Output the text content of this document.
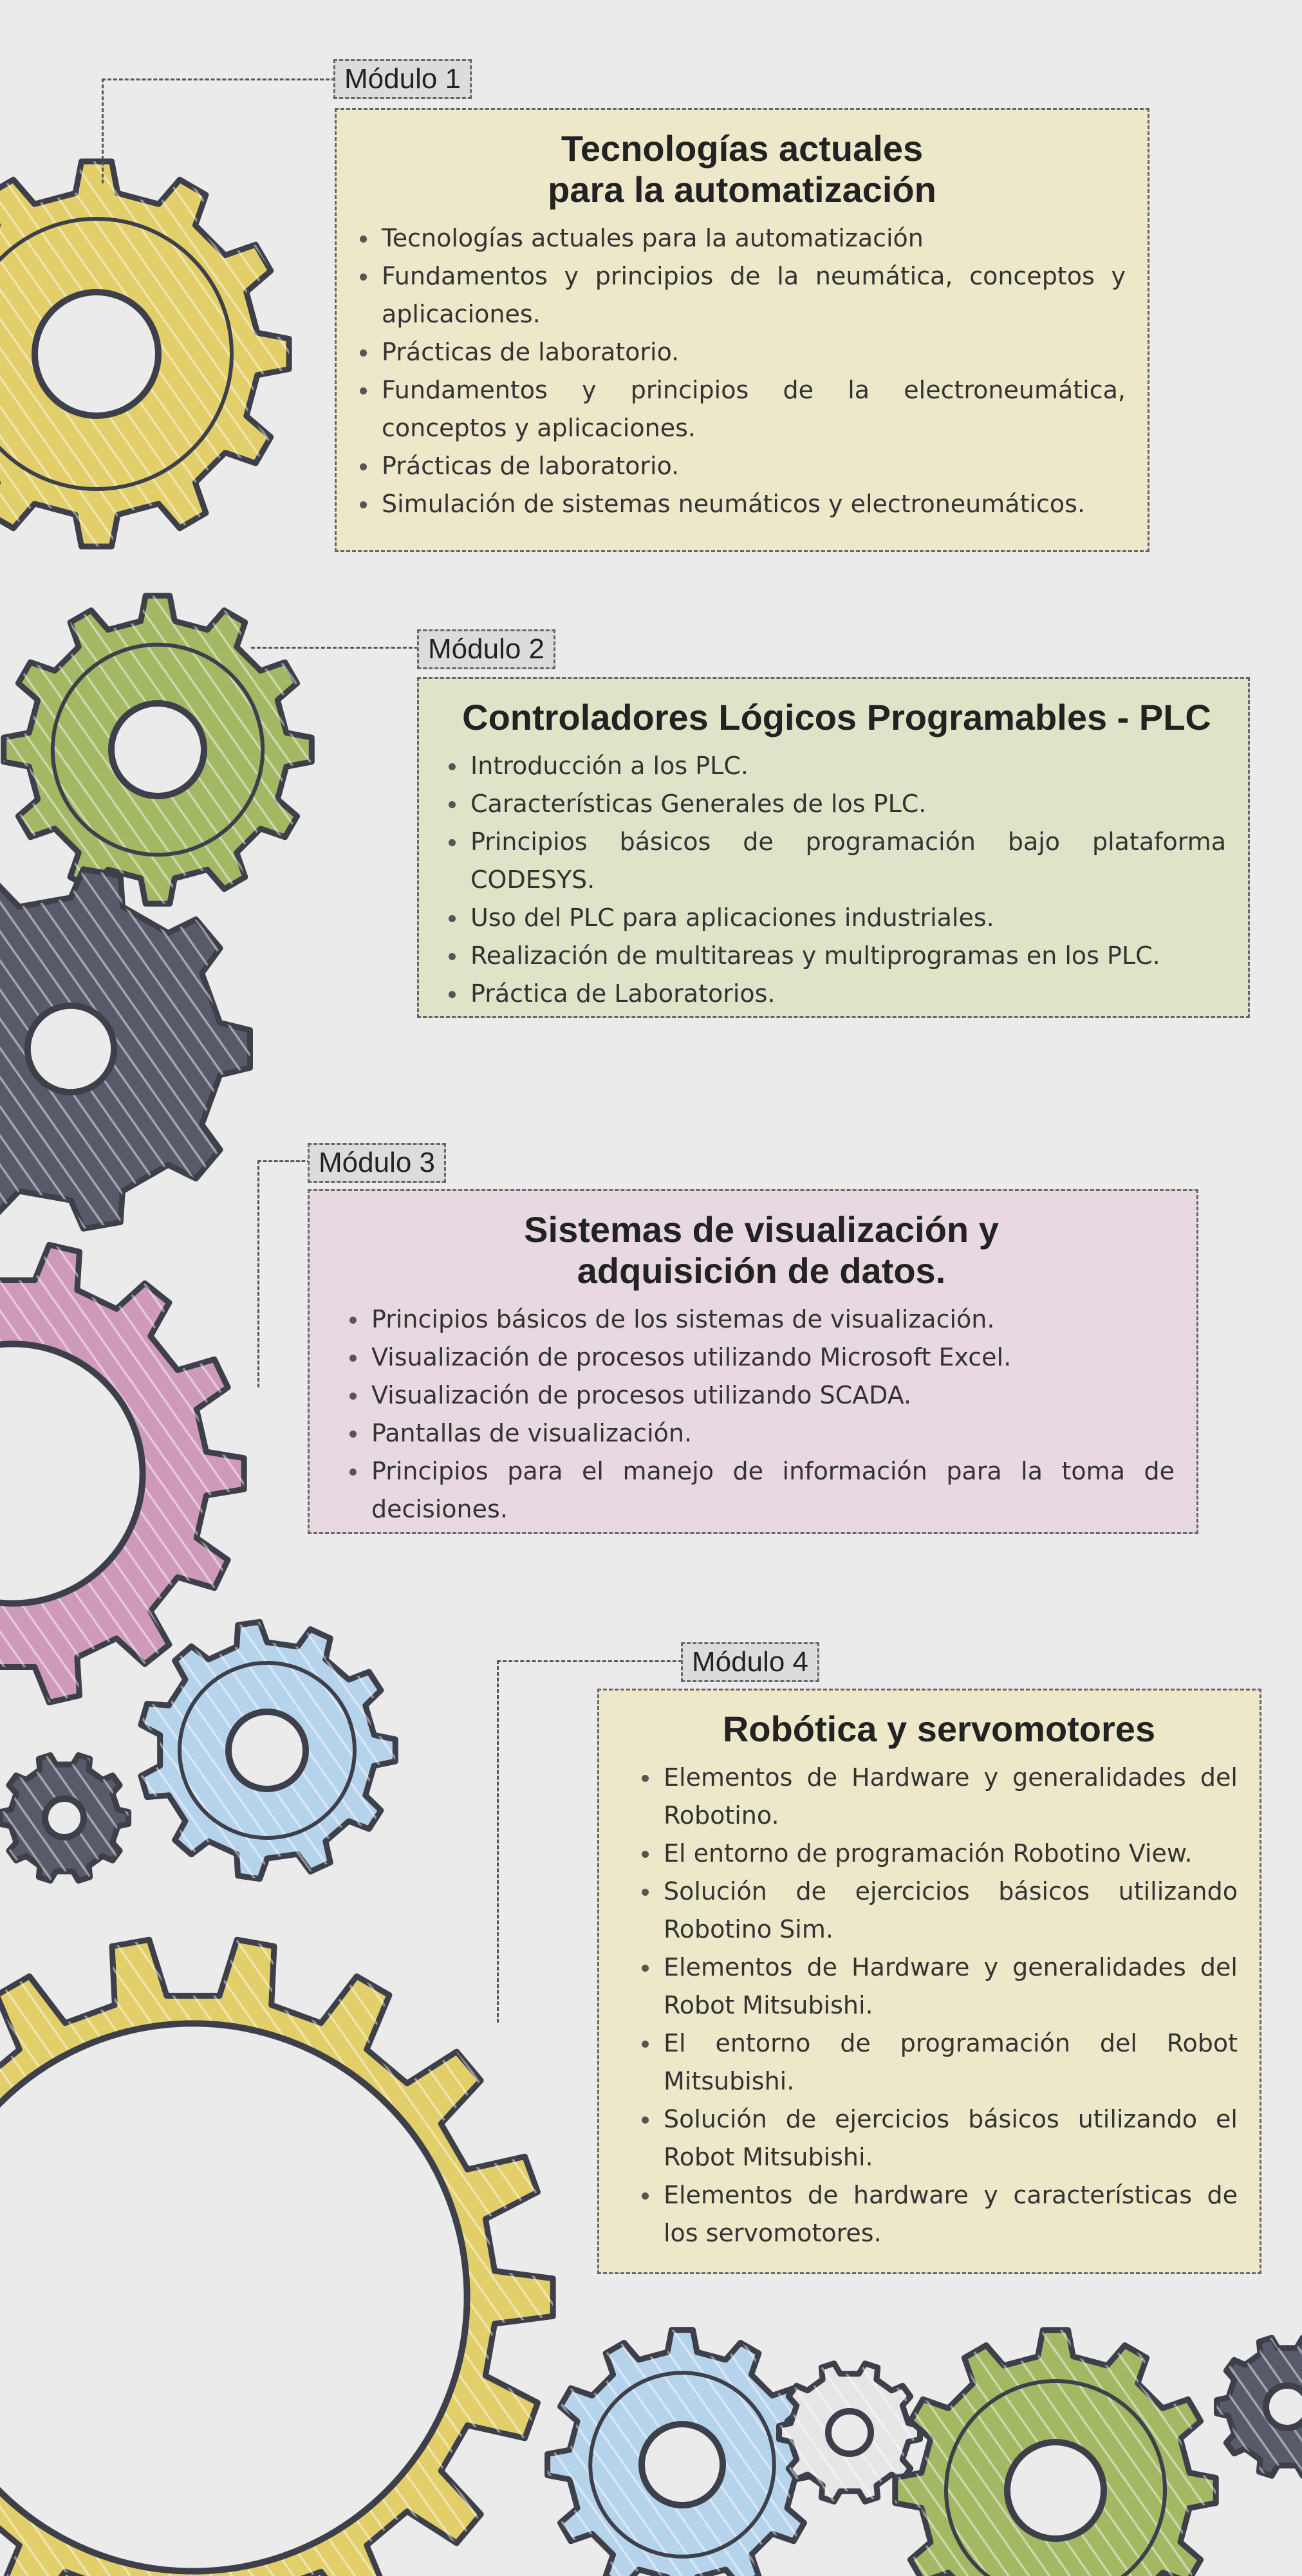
Módulo 1
Tecnologías actuales
para la automatización
Tecnologías actuales para la automatización
Fundamentos y principios de la neumática, conceptos y aplicaciones.
Prácticas de laboratorio.
Fundamentos y principios de la electroneumática, conceptos y aplicaciones.
Prácticas de laboratorio.
Simulación de sistemas neumáticos y electroneumáticos.
Módulo 2
Controladores Lógicos Programables - PLC
Introducción a los PLC.
Características Generales de los PLC.
Principios básicos de programación bajo plataforma CODESYS.
Uso del PLC para aplicaciones industriales.
Realización de multitareas y multiprogramas en los PLC.
Práctica de Laboratorios.
Módulo 3
Sistemas de visualización y
adquisición de datos.
Principios básicos de los sistemas de visualización.
Visualización de procesos utilizando Microsoft Excel.
Visualización de procesos utilizando SCADA.
Pantallas de visualización.
Principios para el manejo de información para la toma de decisiones.
Módulo 4
Robótica y servomotores
Elementos de Hardware y generalidades del Robotino.
El entorno de programación Robotino View.
Solución de ejercicios básicos utilizando Robotino Sim.
Elementos de Hardware y generalidades del Robot Mitsubishi.
El entorno de programación del Robot Mitsubishi.
Solución de ejercicios básicos utilizando el Robot Mitsubishi.
Elementos de hardware y características de los servomotores.
